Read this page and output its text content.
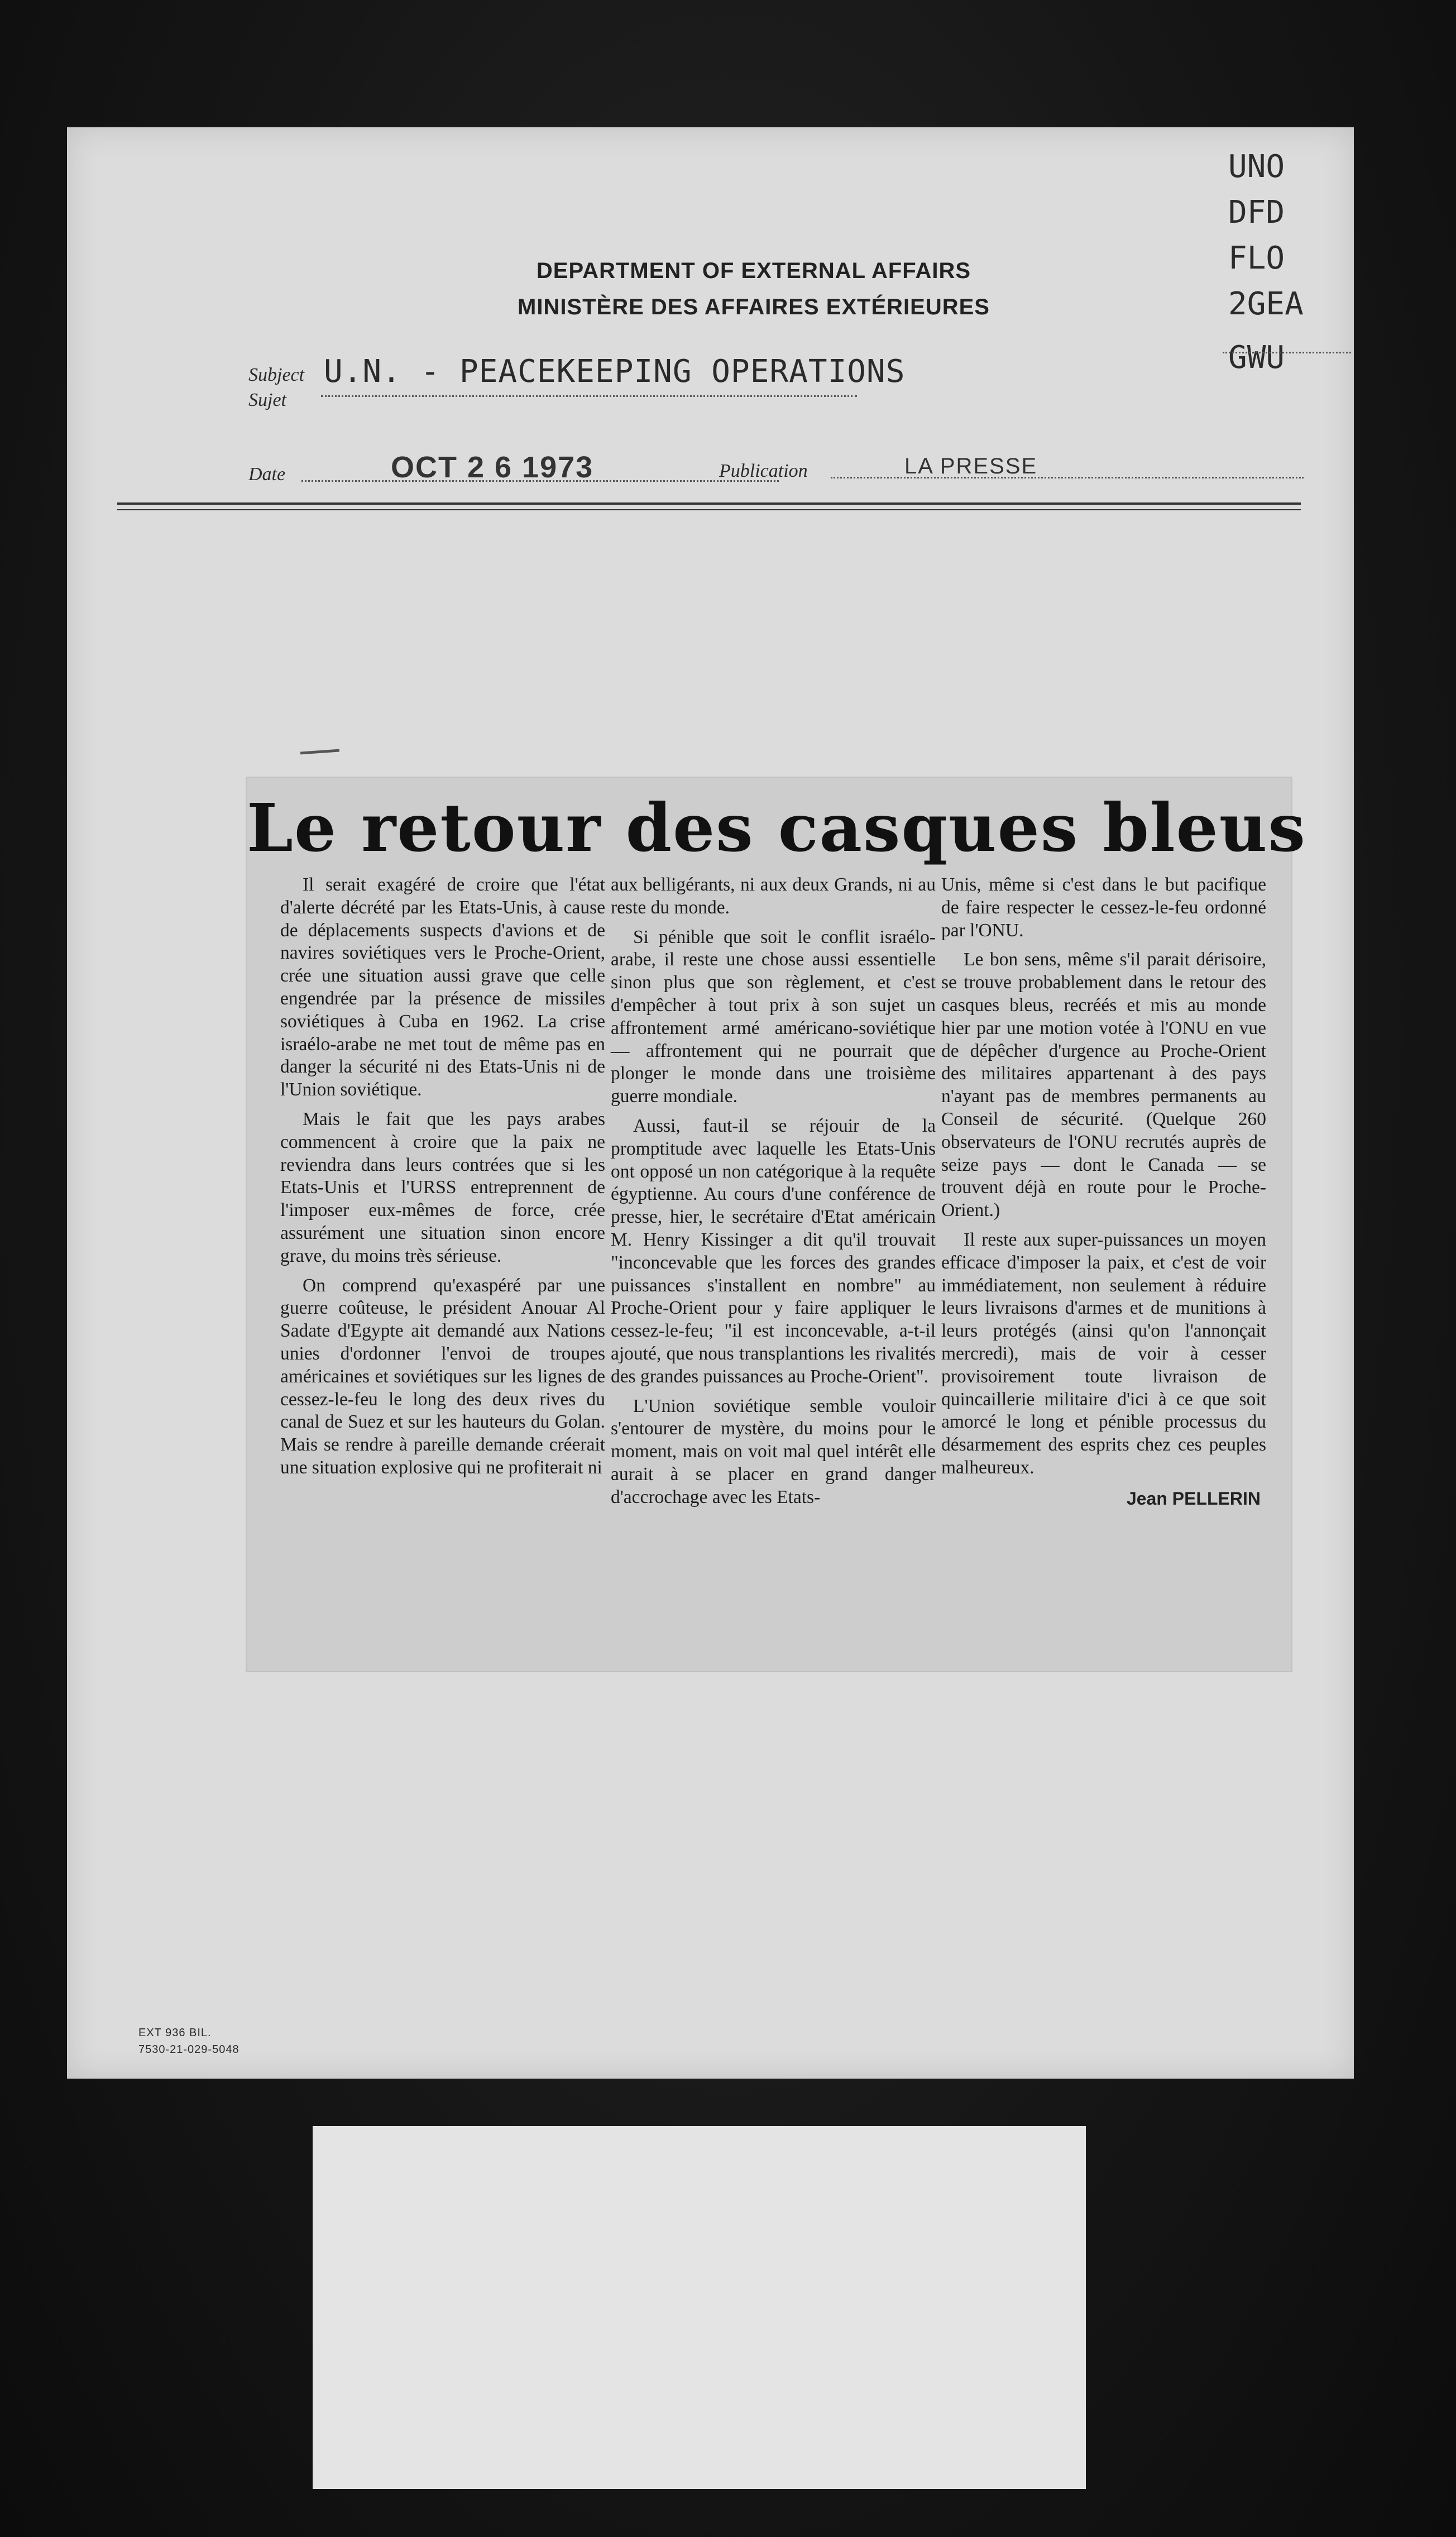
DEPARTMENT OF EXTERNAL AFFAIRS
MINISTÈRE DES AFFAIRES EXTÉRIEURES
UNO
DFD
FLO
2GEA
GWU
Subject
Sujet
U.N. - PEACEKEEPING OPERATIONS
Date	OCT 2 6 1973	Publication	LA PRESSE
Le retour des casques bleus

Il serait exagéré de croire que l'état d'alerte décrété par les Etats-Unis, à cause de déplacements suspects d'avions et de navires soviétiques vers le Proche-Orient, crée une situation aussi grave que celle engendrée par la présence de missiles soviétiques à Cuba en 1962. La crise israélo-arabe ne met tout de même pas en danger la sécurité ni des Etats-Unis ni de l'Union soviétique.

Mais le fait que les pays arabes commencent à croire que la paix ne reviendra dans leurs contrées que si les Etats-Unis et l'URSS entreprennent de l'imposer eux-mêmes de force, crée assurément une situation sinon encore grave, du moins très sérieuse.

On comprend qu'exaspéré par une guerre coûteuse, le président Anouar Al Sadate d'Egypte ait demandé aux Nations unies d'ordonner l'envoi de troupes américaines et soviétiques sur les lignes de cessez-le-feu le long des deux rives du canal de Suez et sur les hauteurs du Golan. Mais se rendre à pareille demande créerait une situation explosive qui ne profiterait ni

aux belligérants, ni aux deux Grands, ni au reste du monde.

Si pénible que soit le conflit israélo-arabe, il reste une chose aussi essentielle sinon plus que son règlement, et c'est d'empêcher à tout prix à son sujet un affrontement armé américano-soviétique — affrontement qui ne pourrait que plonger le monde dans une troisième guerre mondiale.

Aussi, faut-il se réjouir de la promptitude avec laquelle les Etats-Unis ont opposé un non catégorique à la requête égyptienne. Au cours d'une conférence de presse, hier, le secrétaire d'Etat américain M. Henry Kissinger a dit qu'il trouvait "inconcevable que les forces des grandes puissances s'installent en nombre" au Proche-Orient pour y faire appliquer le cessez-le-feu; "il est inconcevable, a-t-il ajouté, que nous transplantions les rivalités des grandes puissances au Proche-Orient".

L'Union soviétique semble vouloir s'entourer de mystère, du moins pour le moment, mais on voit mal quel intérêt elle aurait à se placer en grand danger d'accrochage avec les Etats-

Unis, même si c'est dans le but pacifique de faire respecter le cessez-le-feu ordonné par l'ONU.

Le bon sens, même s'il parait dérisoire, se trouve probablement dans le retour des casques bleus, recréés et mis au monde hier par une motion votée à l'ONU en vue de dépêcher d'urgence au Proche-Orient des militaires appartenant à des pays n'ayant pas de membres permanents au Conseil de sécurité. (Quelque 260 observateurs de l'ONU recrutés auprès de seize pays — dont le Canada — se trouvent déjà en route pour le Proche-Orient.)

Il reste aux super-puissances un moyen efficace d'imposer la paix, et c'est de voir immédiatement, non seulement à réduire leurs livraisons d'armes et de munitions à leurs protégés (ainsi qu'on l'annonçait mercredi), mais de voir à cesser provisoirement toute livraison de quincaillerie militaire d'ici à ce que soit amorcé le long et pénible processus du désarmement des esprits chez ces peuples malheureux.

Jean PELLERIN
EXT 936 BIL.
7530-21-029-5048
